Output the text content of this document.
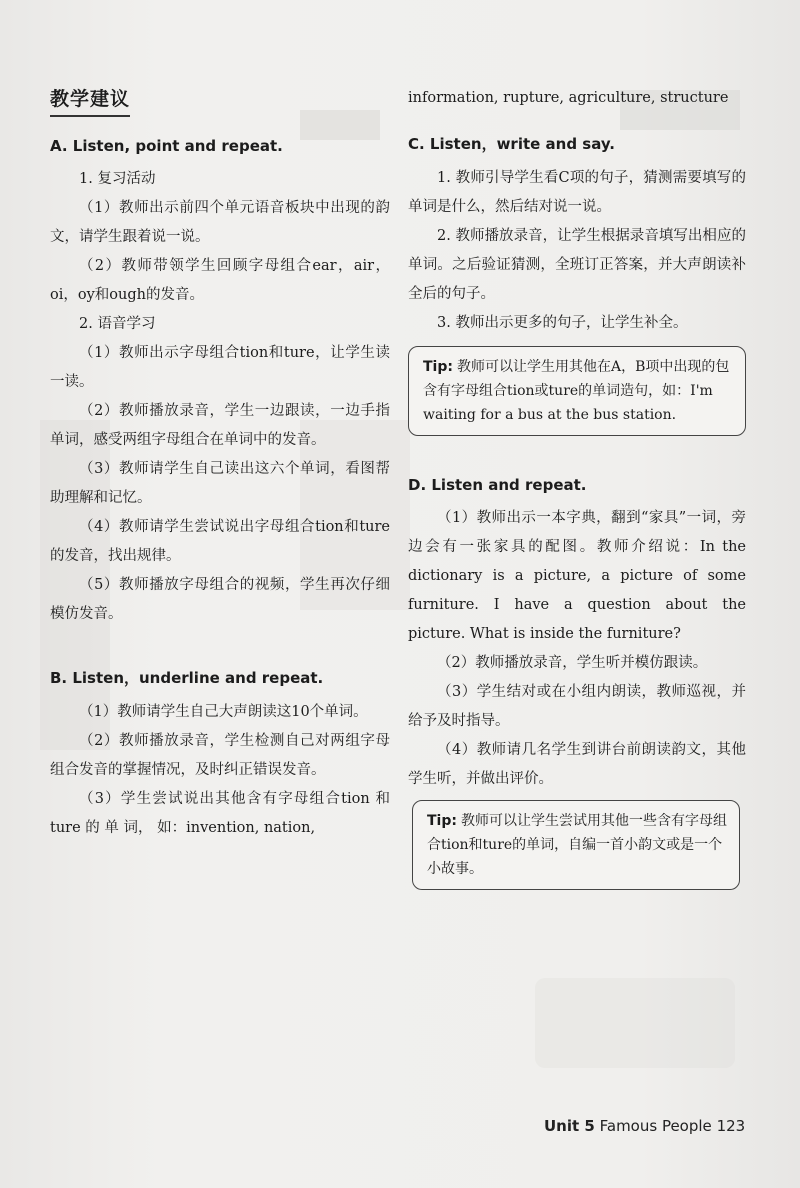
教学建议
A. Listen, point and repeat.

1. 复习活动

（1）教师出示前四个单元语音板块中出现的韵文，请学生跟着说一说。

（2）教师带领学生回顾字母组合ear，air，oi，oy和ough的发音。

2. 语音学习

（1）教师出示字母组合tion和ture，让学生读一读。

（2）教师播放录音，学生一边跟读，一边手指单词，感受两组字母组合在单词中的发音。

（3）教师请学生自己读出这六个单词，看图帮助理解和记忆。

（4）教师请学生尝试说出字母组合tion和ture的发音，找出规律。

（5）教师播放字母组合的视频，学生再次仔细模仿发音。

B. Listen，underline and repeat.

（1）教师请学生自己大声朗读这10个单词。

（2）教师播放录音，学生检测自己对两组字母组合发音的掌握情况，及时纠正错误发音。

（3）学生尝试说出其他含有字母组合tion 和 ture 的 单 词， 如：invention, nation,

information, rupture, agriculture, structure

C. Listen，write and say.

1. 教师引导学生看C项的句子，猜测需要填写的单词是什么，然后结对说一说。

2. 教师播放录音，让学生根据录音填写出相应的单词。之后验证猜测，全班订正答案，并大声朗读补全后的句子。

3. 教师出示更多的句子，让学生补全。

Tip: 教师可以让学生用其他在A，B项中出现的包含有字母组合tion或ture的单词造句，如：I'm waiting for a bus at the bus station.
D. Listen and repeat.

（1）教师出示一本字典，翻到“家具”一词，旁边会有一张家具的配图。教师介绍说：In the dictionary is a picture, a picture of some furniture. I have a question about the picture. What is inside the furniture?

（2）教师播放录音，学生听并模仿跟读。

（3）学生结对或在小组内朗读，教师巡视，并给予及时指导。

（4）教师请几名学生到讲台前朗读韵文，其他学生听，并做出评价。

Tip: 教师可以让学生尝试用其他一些含有字母组合tion和ture的单词，自编一首小韵文或是一个小故事。
Unit 5 Famous People 123
